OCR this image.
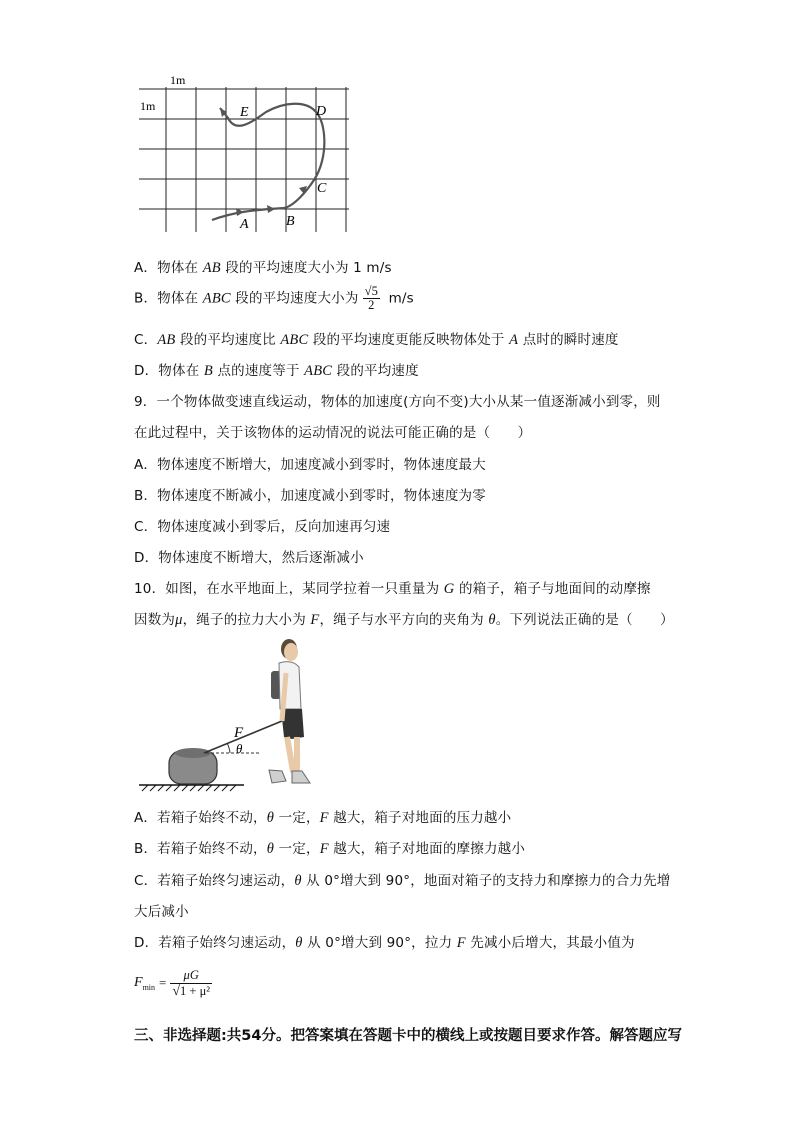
1m
1m
A	B
C
D
E
A．物体在 AB 段的平均速度大小为 1 m/s
B．物体在 ABC 段的平均速度大小为 $\frac{√5}{2} m/s$
C．AB 段的平均速度比 ABC 段的平均速度更能反映物体处于 A 点时的瞬时速度
D．物体在 B 点的速度等于 ABC 段的平均速度
9．一个物体做变速直线运动，物体的加速度(方向不变)大小从某一值逐渐减小到零，则
在此过程中，关于该物体的运动情况的说法可能正确的是（　　）
A．物体速度不断增大，加速度减小到零时，物体速度最大
B．物体速度不断减小，加速度减小到零时，物体速度为零
C．物体速度减小到零后，反向加速再匀速
D．物体速度不断增大，然后逐渐减小
10．如图，在水平地面上，某同学拉着一只重量为 G 的箱子，箱子与地面间的动摩擦
因数为μ，绳子的拉力大小为 F，绳子与水平方向的夹角为 θ。下列说法正确的是（　　）
F
θ
A．若箱子始终不动，θ 一定，F 越大，箱子对地面的压力越小
B．若箱子始终不动，θ 一定，F 越大，箱子对地面的摩擦力越小
C．若箱子始终匀速运动，θ 从 0°增大到 90°，地面对箱子的支持力和摩擦力的合力先增
大后减小
D．若箱子始终匀速运动，θ 从 0°增大到 90°，拉力 F 先减小后增大，其最小值为
F $\min = \frac{\mu G}{\text{√1 + μ²}}$
三、非选择题:共54分。把答案填在答题卡中的横线上或按题目要求作答。解答题应写
